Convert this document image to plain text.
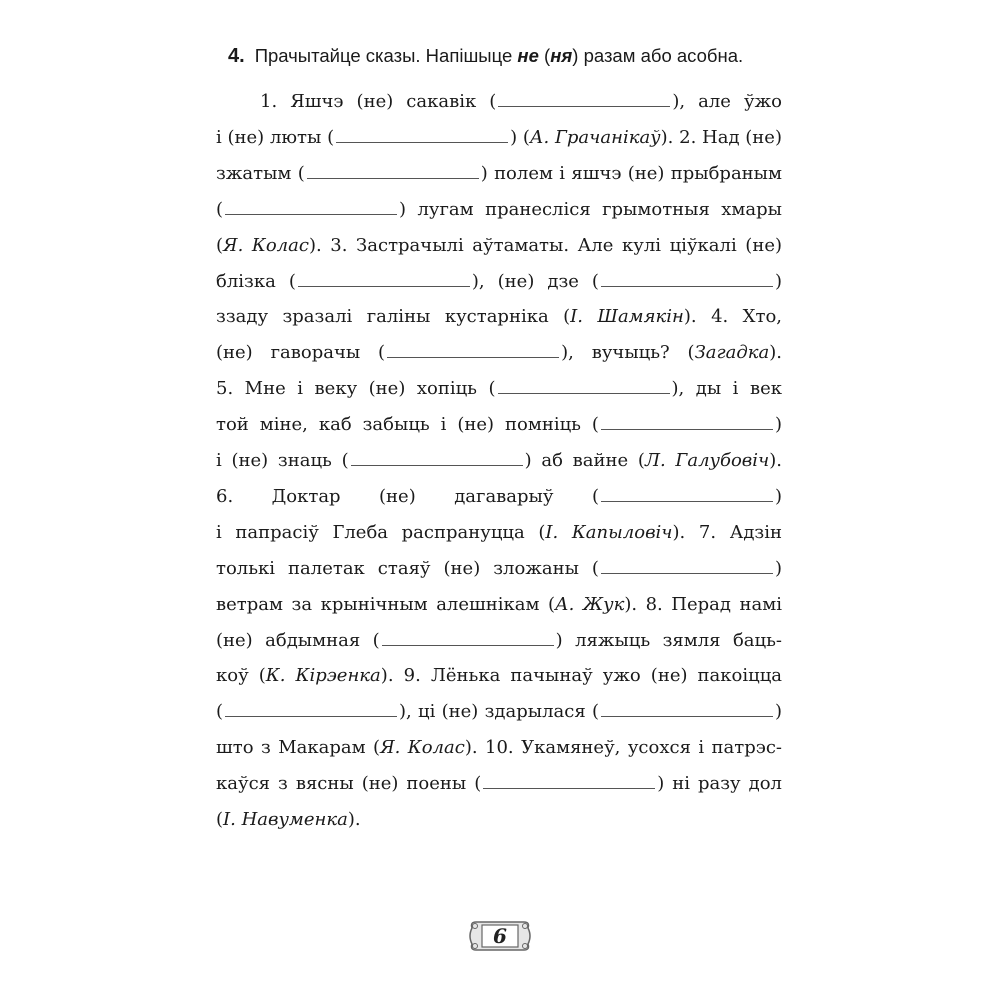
4. Прачытайце сказы. Напішыце не (ня) разам або асобна.
1. Яшчэ (не) сакавік (	), але ўжо
і (не) люты (	) (А. Грачанікаў). 2. Над (не)
зжатым (	) полем і яшчэ (не) прыбраным
(	) лугам пранесліся грымотныя хмары
(Я. Колас). 3. Застрачылі аўтаматы. Але кулі ціўкалі (не)
блізка (	), (не) дзе (	)
ззаду зразалі галіны кустарніка (І. Шамякін). 4. Хто,
(не) гаворачы (	), вучыць? (Загадка).
5. Мне і веку (не) хопіць (	), ды і век
той міне, каб забыць і (не) помніць (	)
і (не) знаць (	) аб вайне (Л. Галубовіч).
6. Доктар (не) дагаварыў (	)
і папрасіў Глеба распрануцца (І. Капыловіч). 7. Адзін
толькі палетак стаяў (не) зложаны (	)
ветрам за крынічным алешнікам (А. Жук). 8. Перад намі
(не) абдымная (	) ляжыць зямля баць-
коў (К. Кірэенка). 9. Лёнька пачынаў ужо (не) пакоіцца
(	), ці (не) здарылася (	)
што з Макарам (Я. Колас). 10. Укамянеў, усохся і патрэс-
каўся з вясны (не) поены (	) ні разу дол
(І. Навуменка).
6
